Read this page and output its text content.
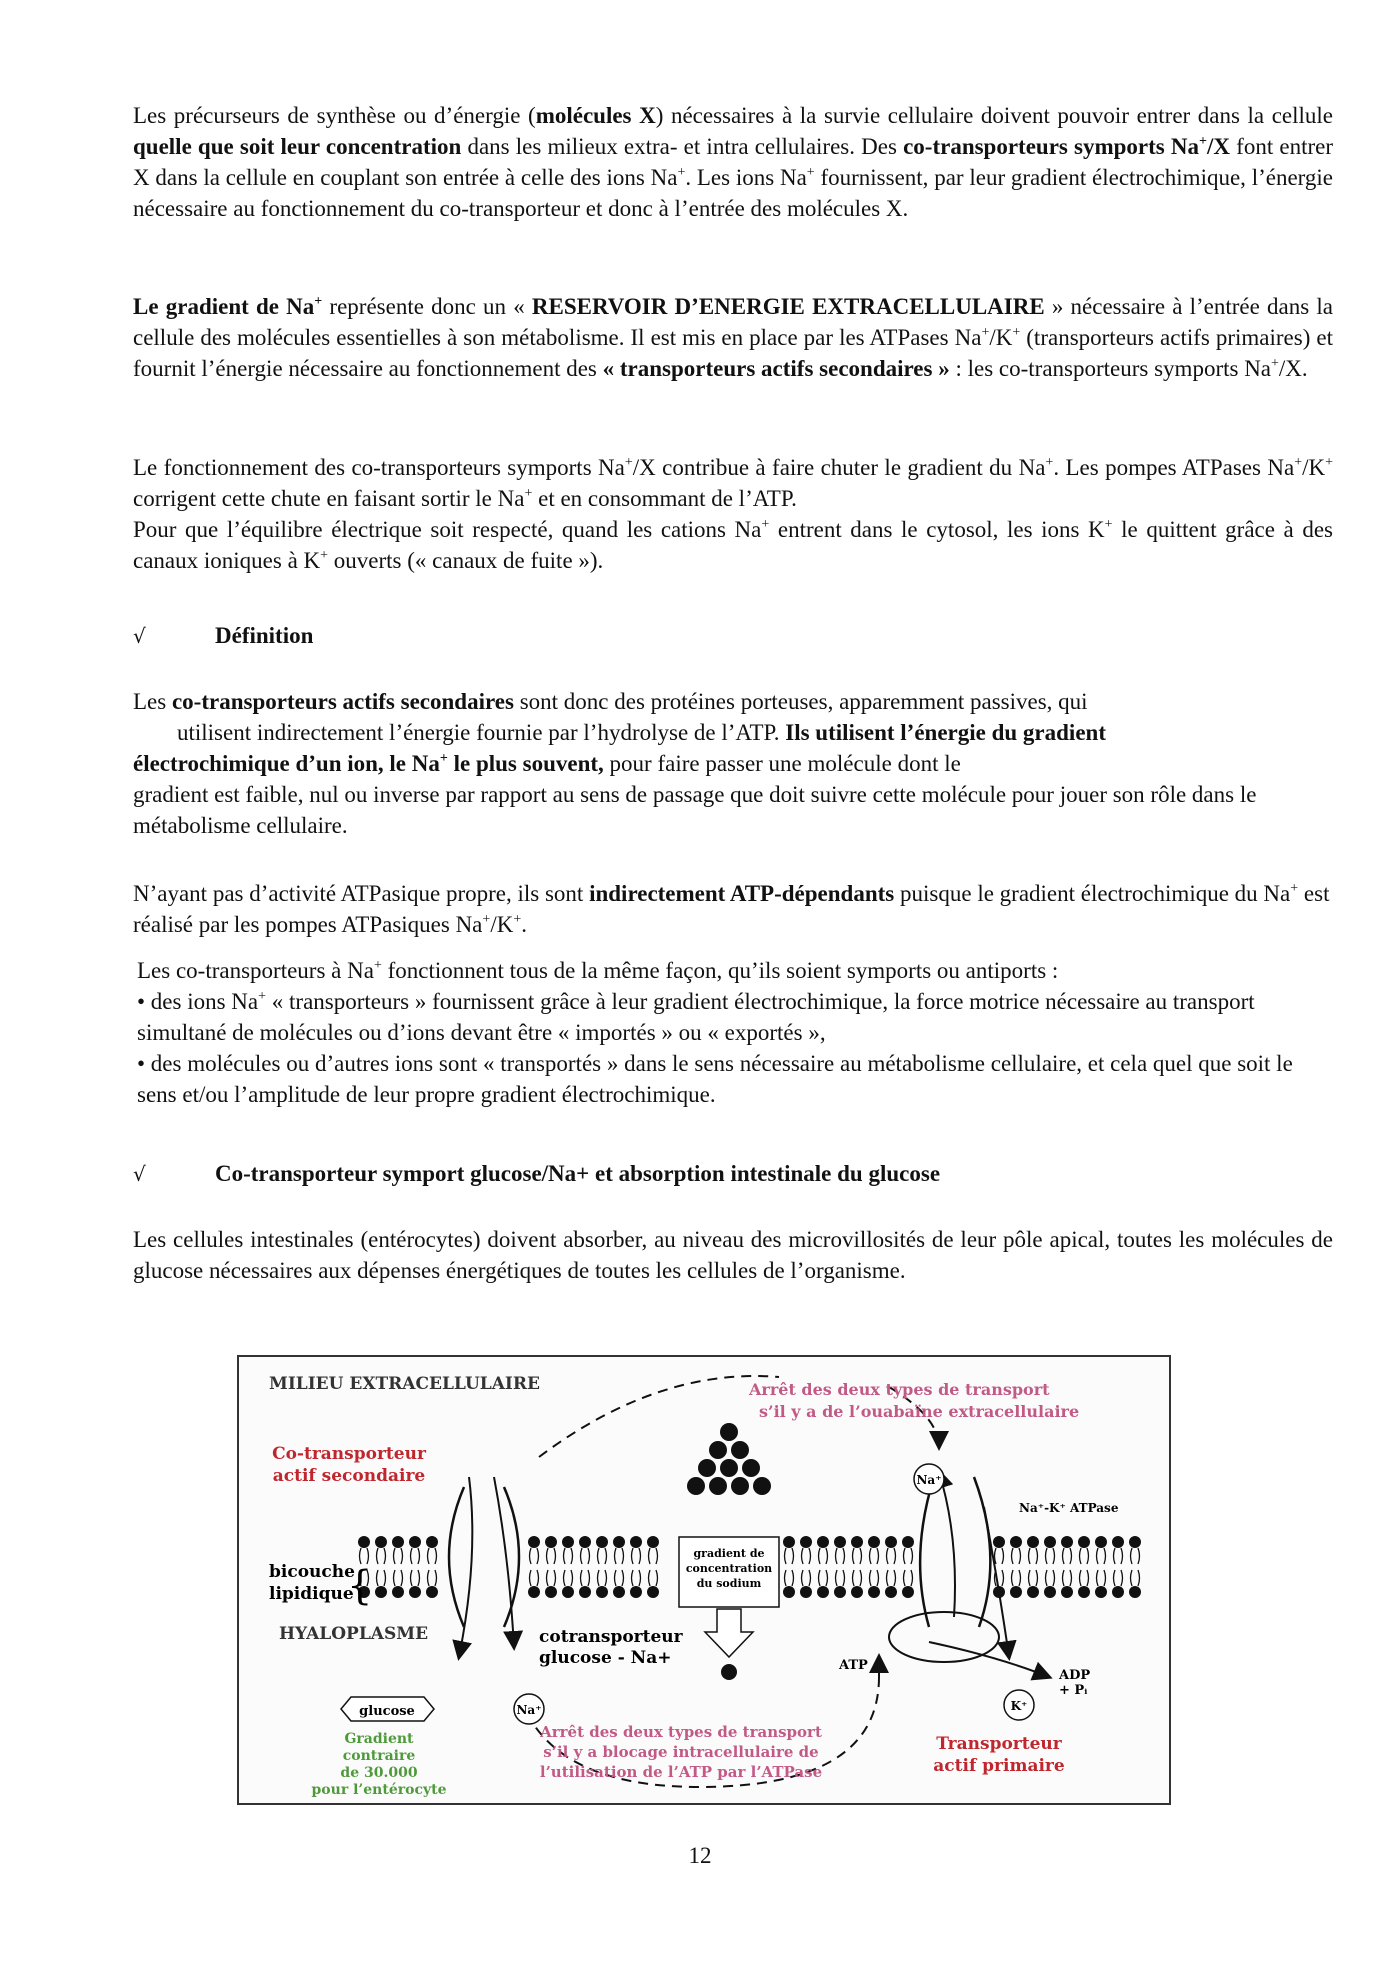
Les précurseurs de synthèse ou d’énergie (molécules X) nécessaires à la survie cellulaire doivent pouvoir entrer dans la cellule quelle que soit leur concentration dans les milieux extra- et intra cellulaires. Des co-transporteurs symports Na+/X font entrer X dans la cellule en couplant son entrée à celle des ions Na+. Les ions Na+ fournissent, par leur gradient électrochimique, l’énergie nécessaire au fonctionnement du co-transporteur et donc à l’entrée des molécules X.

Le gradient de Na+ représente donc un « RESERVOIR D’ENERGIE EXTRACELLULAIRE » nécessaire à l’entrée dans la cellule des molécules essentielles à son métabolisme. Il est mis en place par les ATPases Na+/K+ (transporteurs actifs primaires) et fournit l’énergie nécessaire au fonctionnement des « transporteurs actifs secondaires » : les co-transporteurs symports Na+/X.

Le fonctionnement des co-transporteurs symports Na+/X contribue à faire chuter le gradient du Na+. Les pompes ATPases Na+/K+ corrigent cette chute en faisant sortir le Na+ et en consommant de l’ATP.
Pour que l’équilibre électrique soit respecté, quand les cations Na+ entrent dans le cytosol, les ions K+ le quittent grâce à des canaux ioniques à K+ ouverts (« canaux de fuite »).

√	Définition

Les co-transporteurs actifs secondaires sont donc des protéines porteuses, apparemment passives, qui
utilisent indirectement l’énergie fournie par l’hydrolyse de l’ATP. Ils utilisent l’énergie du gradient
électrochimique d’un ion, le Na+ le plus souvent, pour faire passer une molécule dont le
gradient est faible, nul ou inverse par rapport au sens de passage que doit suivre cette molécule pour jouer son rôle dans le métabolisme cellulaire.

N’ayant pas d’activité ATPasique propre, ils sont indirectement ATP-dépendants puisque le gradient électrochimique du Na+ est réalisé par les pompes ATPasiques Na+/K+.

Les co-transporteurs à Na+ fonctionnent tous de la même façon, qu’ils soient symports ou antiports :
• des ions Na+ « transporteurs » fournissent grâce à leur gradient électrochimique, la force motrice nécessaire au transport simultané de molécules ou d’ions devant être « importés » ou « exportés »,
• des molécules ou d’autres ions sont « transportés » dans le sens nécessaire au métabolisme cellulaire, et cela quel que soit le sens et/ou l’amplitude de leur propre gradient électrochimique.

√	Co-transporteur symport glucose/Na+ et absorption intestinale du glucose

Les cellules intestinales (entérocytes) doivent absorber, au niveau des microvillosités de leur pôle apical, toutes les molécules de glucose nécessaires aux dépenses énergétiques de toutes les cellules de l’organisme.

gradient de
concentration
du sodium
MILIEU EXTRACELLULAIRE	Arrêt des deux types de transport
s’il y a de l’ouabaïne extracellulaire
Co-transporteur
actif secondaire	Na⁺
Na⁺-K⁺ ATPase
bicouche
lipidique
{
HYALOPLASME	cotransporteur
glucose - Na+	ATP
ADP
+ Pᵢ
glucose	Na⁺	K⁺
Gradient
contraire
de 30.000
pour l’entérocyte
Arrêt des deux types de transport
s’il y a blocage intracellulaire de
l’utilisation de l’ATP par l’ATPase
Transporteur
actif primaire
12
